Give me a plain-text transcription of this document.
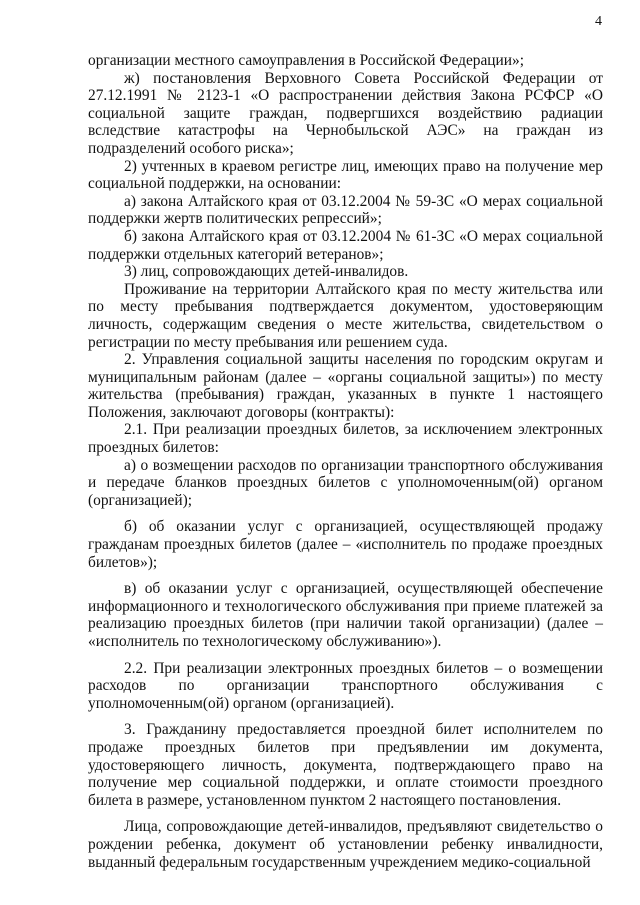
4

организации местного самоуправления в Российской Федерации»;

ж) постановления Верховного Совета Российской Федерации от 27.12.1991 № 2123-1 «О распространении действия Закона РСФСР «О социальной защите граждан, подвергшихся воздействию радиации вследствие катастрофы на Чернобыльской АЭС» на граждан из подразделений особого риска»;

2) учтенных в краевом регистре лиц, имеющих право на получение мер социальной поддержки, на основании:

а) закона Алтайского края от 03.12.2004 № 59-ЗС «О мерах социальной поддержки жертв политических репрессий»;

б) закона Алтайского края от 03.12.2004 № 61-ЗС «О мерах социальной поддержки отдельных категорий ветеранов»;

3) лиц, сопровождающих детей-инвалидов.

Проживание на территории Алтайского края по месту жительства или по месту пребывания подтверждается документом, удостоверяющим личность, содержащим сведения о месте жительства, свидетельством о регистрации по месту пребывания или решением суда.

2. Управления социальной защиты населения по городским округам и муниципальным районам (далее – «органы социальной защиты») по месту жительства (пребывания) граждан, указанных в пункте 1 настоящего Положения, заключают договоры (контракты):

2.1. При реализации проездных билетов, за исключением электронных проездных билетов:

а) о возмещении расходов по организации транспортного обслуживания и передаче бланков проездных билетов с уполномоченным(ой) органом (организацией);

б) об оказании услуг с организацией, осуществляющей продажу гражданам проездных билетов (далее – «исполнитель по продаже проездных билетов»);

в) об оказании услуг с организацией, осуществляющей обеспечение информационного и технологического обслуживания при приеме платежей за реализацию проездных билетов (при наличии такой организации) (далее – «исполнитель по технологическому обслуживанию»).

2.2. При реализации электронных проездных билетов – о возмещении расходов по организации транспортного обслуживания с уполномоченным(ой) органом (организацией).

3. Гражданину предоставляется проездной билет исполнителем по продаже проездных билетов при предъявлении им документа, удостоверяющего личность, документа, подтверждающего право на получение мер социальной поддержки, и оплате стоимости проездного билета в размере, установленном пунктом 2 настоящего постановления.

Лица, сопровождающие детей-инвалидов, предъявляют свидетельство о рождении ребенка, документ об установлении ребенку инвалидности, выданный федеральным государственным учреждением медико-социальной
